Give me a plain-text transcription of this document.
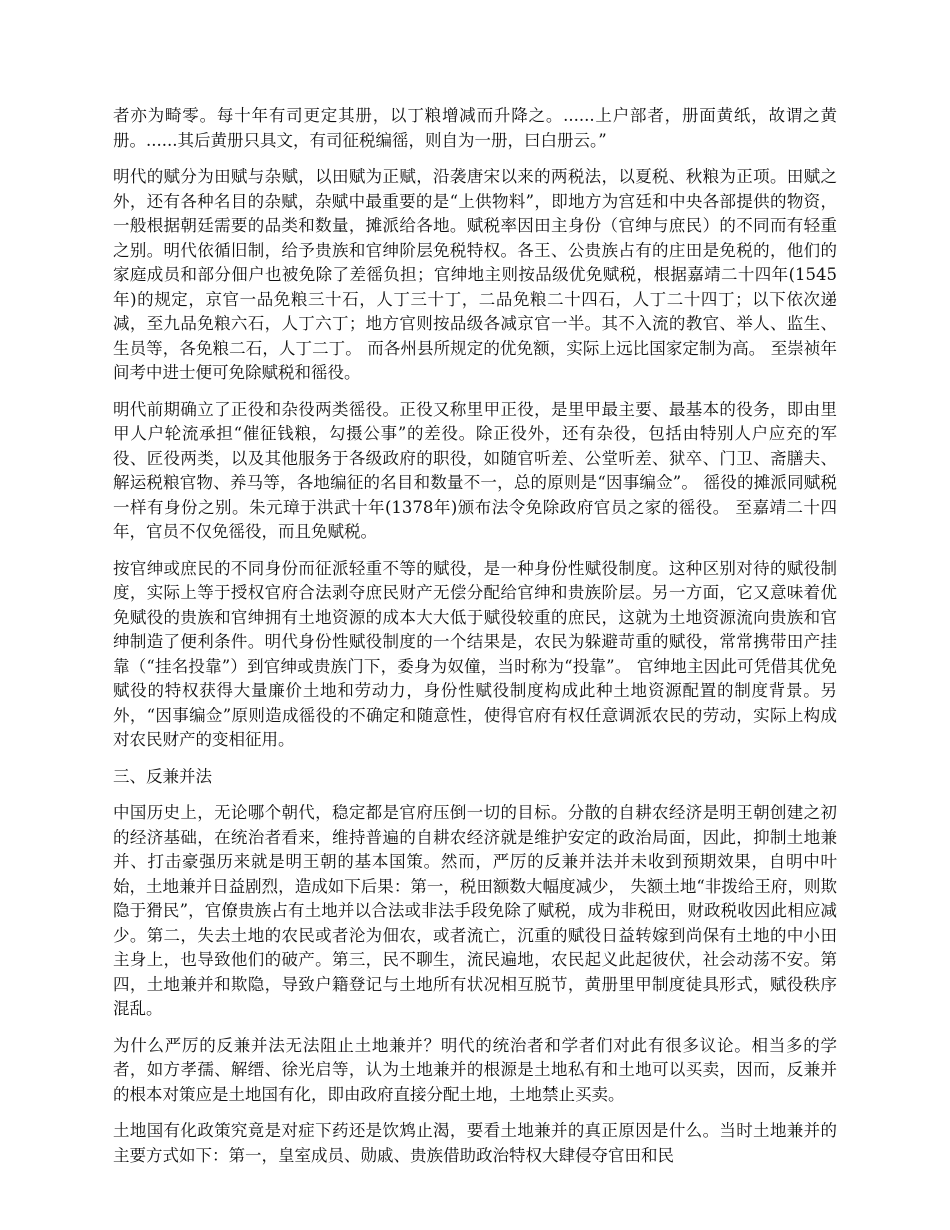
者亦为畸零。每十年有司更定其册，以丁粮增减而升降之。......上户部者，册面黄纸，故谓之黄册。......其后黄册只具文，有司征税编徭，则自为一册，曰白册云。”

明代的赋分为田赋与杂赋，以田赋为正赋，沿袭唐宋以来的两税法，以夏税、秋粮为正项。田赋之外，还有各种名目的杂赋，杂赋中最重要的是“上供物料”，即地方为宫廷和中央各部提供的物资，一般根据朝廷需要的品类和数量，摊派给各地。赋税率因田主身份（官绅与庶民）的不同而有轻重之别。明代依循旧制，给予贵族和官绅阶层免税特权。各王、公贵族占有的庄田是免税的，他们的家庭成员和部分佃户也被免除了差徭负担；官绅地主则按品级优免赋税，根据嘉靖二十四年(1545年)的规定，京官一品免粮三十石，人丁三十丁，二品免粮二十四石，人丁二十四丁；以下依次递减，至九品免粮六石，人丁六丁；地方官则按品级各减京官一半。其不入流的教官、举人、监生、生员等，各免粮二石，人丁二丁。 而各州县所规定的优免额，实际上远比国家定制为高。 至崇祯年间考中进士便可免除赋税和徭役。

明代前期确立了正役和杂役两类徭役。正役又称里甲正役，是里甲最主要、最基本的役务，即由里甲人户轮流承担“催征钱粮，勾摄公事”的差役。除正役外，还有杂役，包括由特别人户应充的军役、匠役两类，以及其他服务于各级政府的职役，如随官听差、公堂听差、狱卒、门卫、斋膳夫、解运税粮官物、养马等，各地编征的名目和数量不一，总的原则是“因事编佥”。 徭役的摊派同赋税一样有身份之别。朱元璋于洪武十年(1378年)颁布法令免除政府官员之家的徭役。 至嘉靖二十四年，官员不仅免徭役，而且免赋税。

按官绅或庶民的不同身份而征派轻重不等的赋役，是一种身份性赋役制度。这种区别对待的赋役制度，实际上等于授权官府合法剥夺庶民财产无偿分配给官绅和贵族阶层。另一方面，它又意味着优免赋役的贵族和官绅拥有土地资源的成本大大低于赋役较重的庶民，这就为土地资源流向贵族和官绅制造了便利条件。明代身份性赋役制度的一个结果是，农民为躲避苛重的赋役，常常携带田产挂靠（“挂名投靠”）到官绅或贵族门下，委身为奴僮，当时称为“投靠”。 官绅地主因此可凭借其优免赋役的特权获得大量廉价土地和劳动力，身份性赋役制度构成此种土地资源配置的制度背景。另外，“因事编佥”原则造成徭役的不确定和随意性，使得官府有权任意调派农民的劳动，实际上构成对农民财产的变相征用。

三、反兼并法

中国历史上，无论哪个朝代，稳定都是官府压倒一切的目标。分散的自耕农经济是明王朝创建之初的经济基础，在统治者看来，维持普遍的自耕农经济就是维护安定的政治局面，因此，抑制土地兼并、打击豪强历来就是明王朝的基本国策。然而，严厉的反兼并法并未收到预期效果，自明中叶始，土地兼并日益剧烈，造成如下后果：第一，税田额数大幅度减少， 失额土地“非拨给王府，则欺隐于猾民”，官僚贵族占有土地并以合法或非法手段免除了赋税，成为非税田，财政税收因此相应减少。第二，失去土地的农民或者沦为佃农，或者流亡，沉重的赋役日益转嫁到尚保有土地的中小田主身上，也导致他们的破产。第三，民不聊生，流民遍地，农民起义此起彼伏，社会动荡不安。第四，土地兼并和欺隐，导致户籍登记与土地所有状况相互脱节，黄册里甲制度徒具形式，赋役秩序混乱。

为什么严厉的反兼并法无法阻止土地兼并？明代的统治者和学者们对此有很多议论。相当多的学者，如方孝孺、解缙、徐光启等，认为土地兼并的根源是土地私有和土地可以买卖，因而，反兼并的根本对策应是土地国有化，即由政府直接分配土地，土地禁止买卖。

土地国有化政策究竟是对症下药还是饮鸩止渴，要看土地兼并的真正原因是什么。当时土地兼并的主要方式如下：第一，皇室成员、勋戚、贵族借助政治特权大肆侵夺官田和民
